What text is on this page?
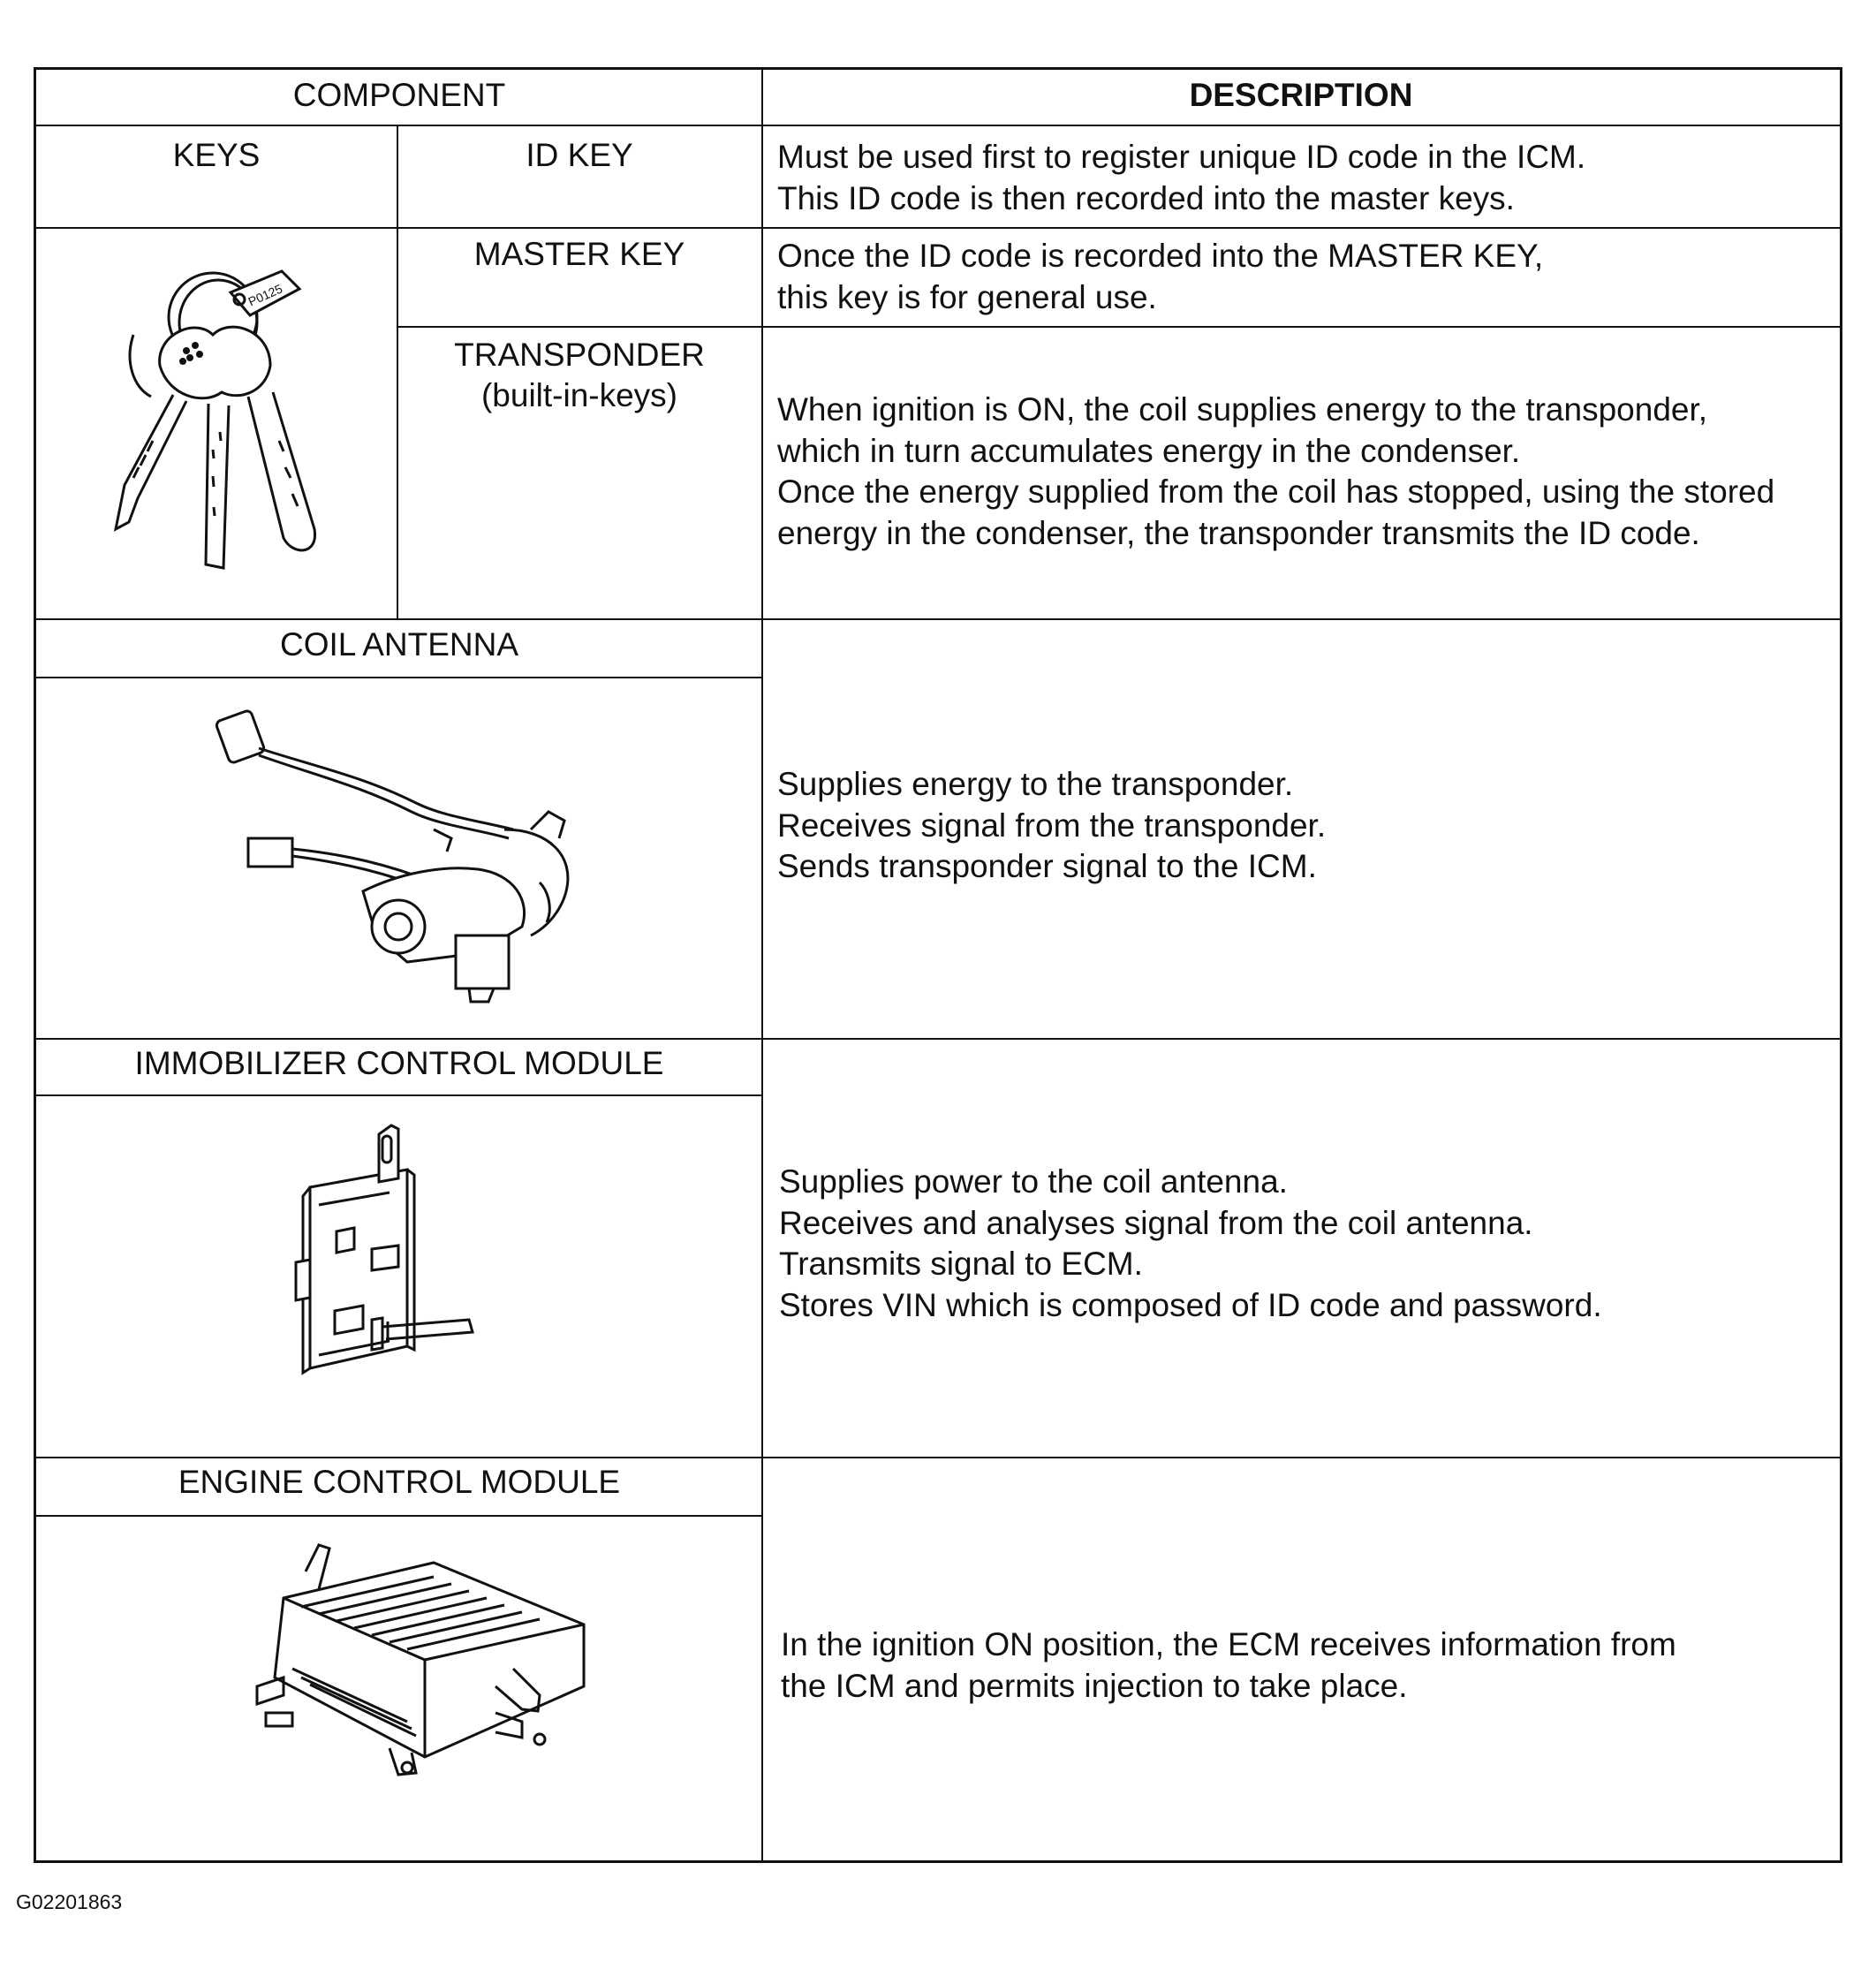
COMPONENT	DESCRIPTION
KEYS	ID KEY
MASTER KEY
TRANSPONDER
(built-in-keys)
Must be used first to register unique ID code in the ICM.
This ID code is then recorded into the master keys.
Once the ID code is recorded into the MASTER KEY,
this key is for general use.
When ignition is ON, the coil supplies energy to the transponder,
which in turn accumulates energy in the condenser.
Once the energy supplied from the coil has stopped, using the stored
energy in the condenser, the transponder transmits the ID code.
P0125
COIL ANTENNA
Supplies energy to the transponder.
Receives signal from the transponder.
Sends transponder signal to the ICM.
IMMOBILIZER CONTROL MODULE
Supplies power to the coil antenna.
Receives and analyses signal from the coil antenna.
Transmits signal to ECM.
Stores VIN which is composed of ID code and password.
ENGINE CONTROL MODULE
In the ignition ON position, the ECM receives information from
the ICM and permits injection to take place.
G02201863
